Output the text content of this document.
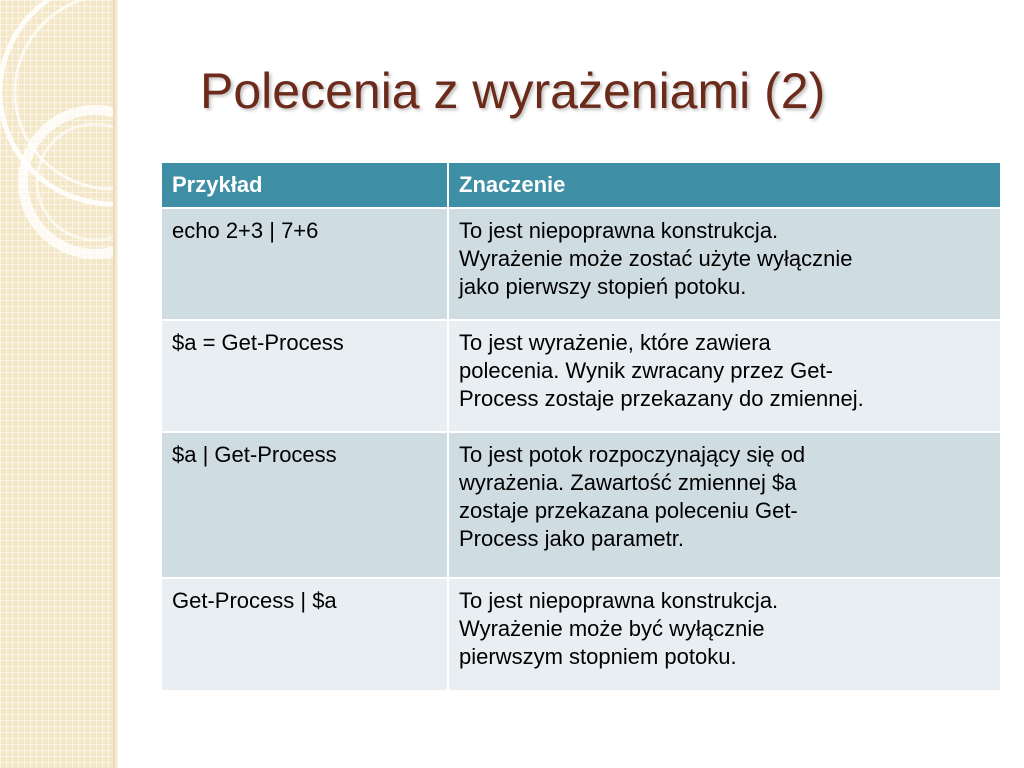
Polecenia z wyrażeniami (2)
Przykład	Znaczenie
echo 2+3 | 7+6	To jest niepoprawna konstrukcja.
Wyrażenie może zostać użyte wyłącznie
jako pierwszy stopień potoku.

$a = Get-Process	To jest wyrażenie, które zawiera
polecenia. Wynik zwracany przez Get-
Process zostaje przekazany do zmiennej.

$a | Get-Process	To jest potok rozpoczynający się od
wyrażenia. Zawartość zmiennej $a
zostaje przekazana poleceniu Get-
Process jako parametr.

Get-Process | $a	To jest niepoprawna konstrukcja.
Wyrażenie może być wyłącznie
pierwszym stopniem potoku.
